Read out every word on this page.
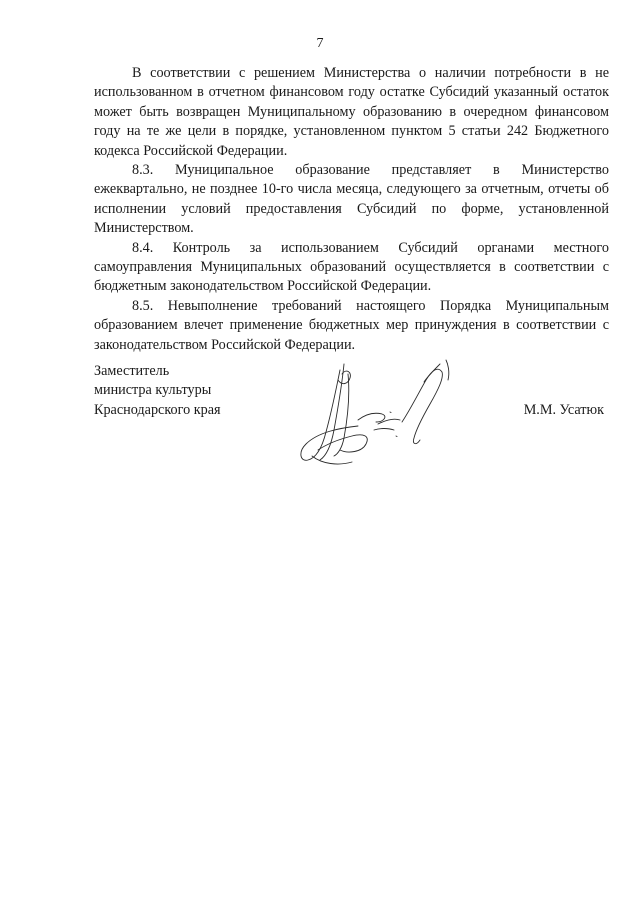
7

В соответствии с решением Министерства о наличии потребности в не использованном в отчетном финансовом году остатке Субсидий указанный остаток может быть возвращен Муниципальному образованию в очередном финансовом году на те же цели в порядке, установленном пунктом 5 статьи 242 Бюджетного кодекса Российской Федерации.

8.3. Муниципальное образование представляет в Министерство ежеквартально, не позднее 10-го числа месяца, следующего за отчетным, отчеты об исполнении условий предоставления Субсидий по форме, установленной Министерством.

8.4. Контроль за использованием Субсидий органами местного самоуправления Муниципальных образований осуществляется в соответствии с бюджетным законодательством Российской Федерации.

8.5. Невыполнение требований настоящего Порядка Муниципальным образованием влечет применение бюджетных мер принуждения в соответствии с законодательством Российской Федерации.

Заместитель
министра культуры
Краснодарского края	М.М. Усатюк
